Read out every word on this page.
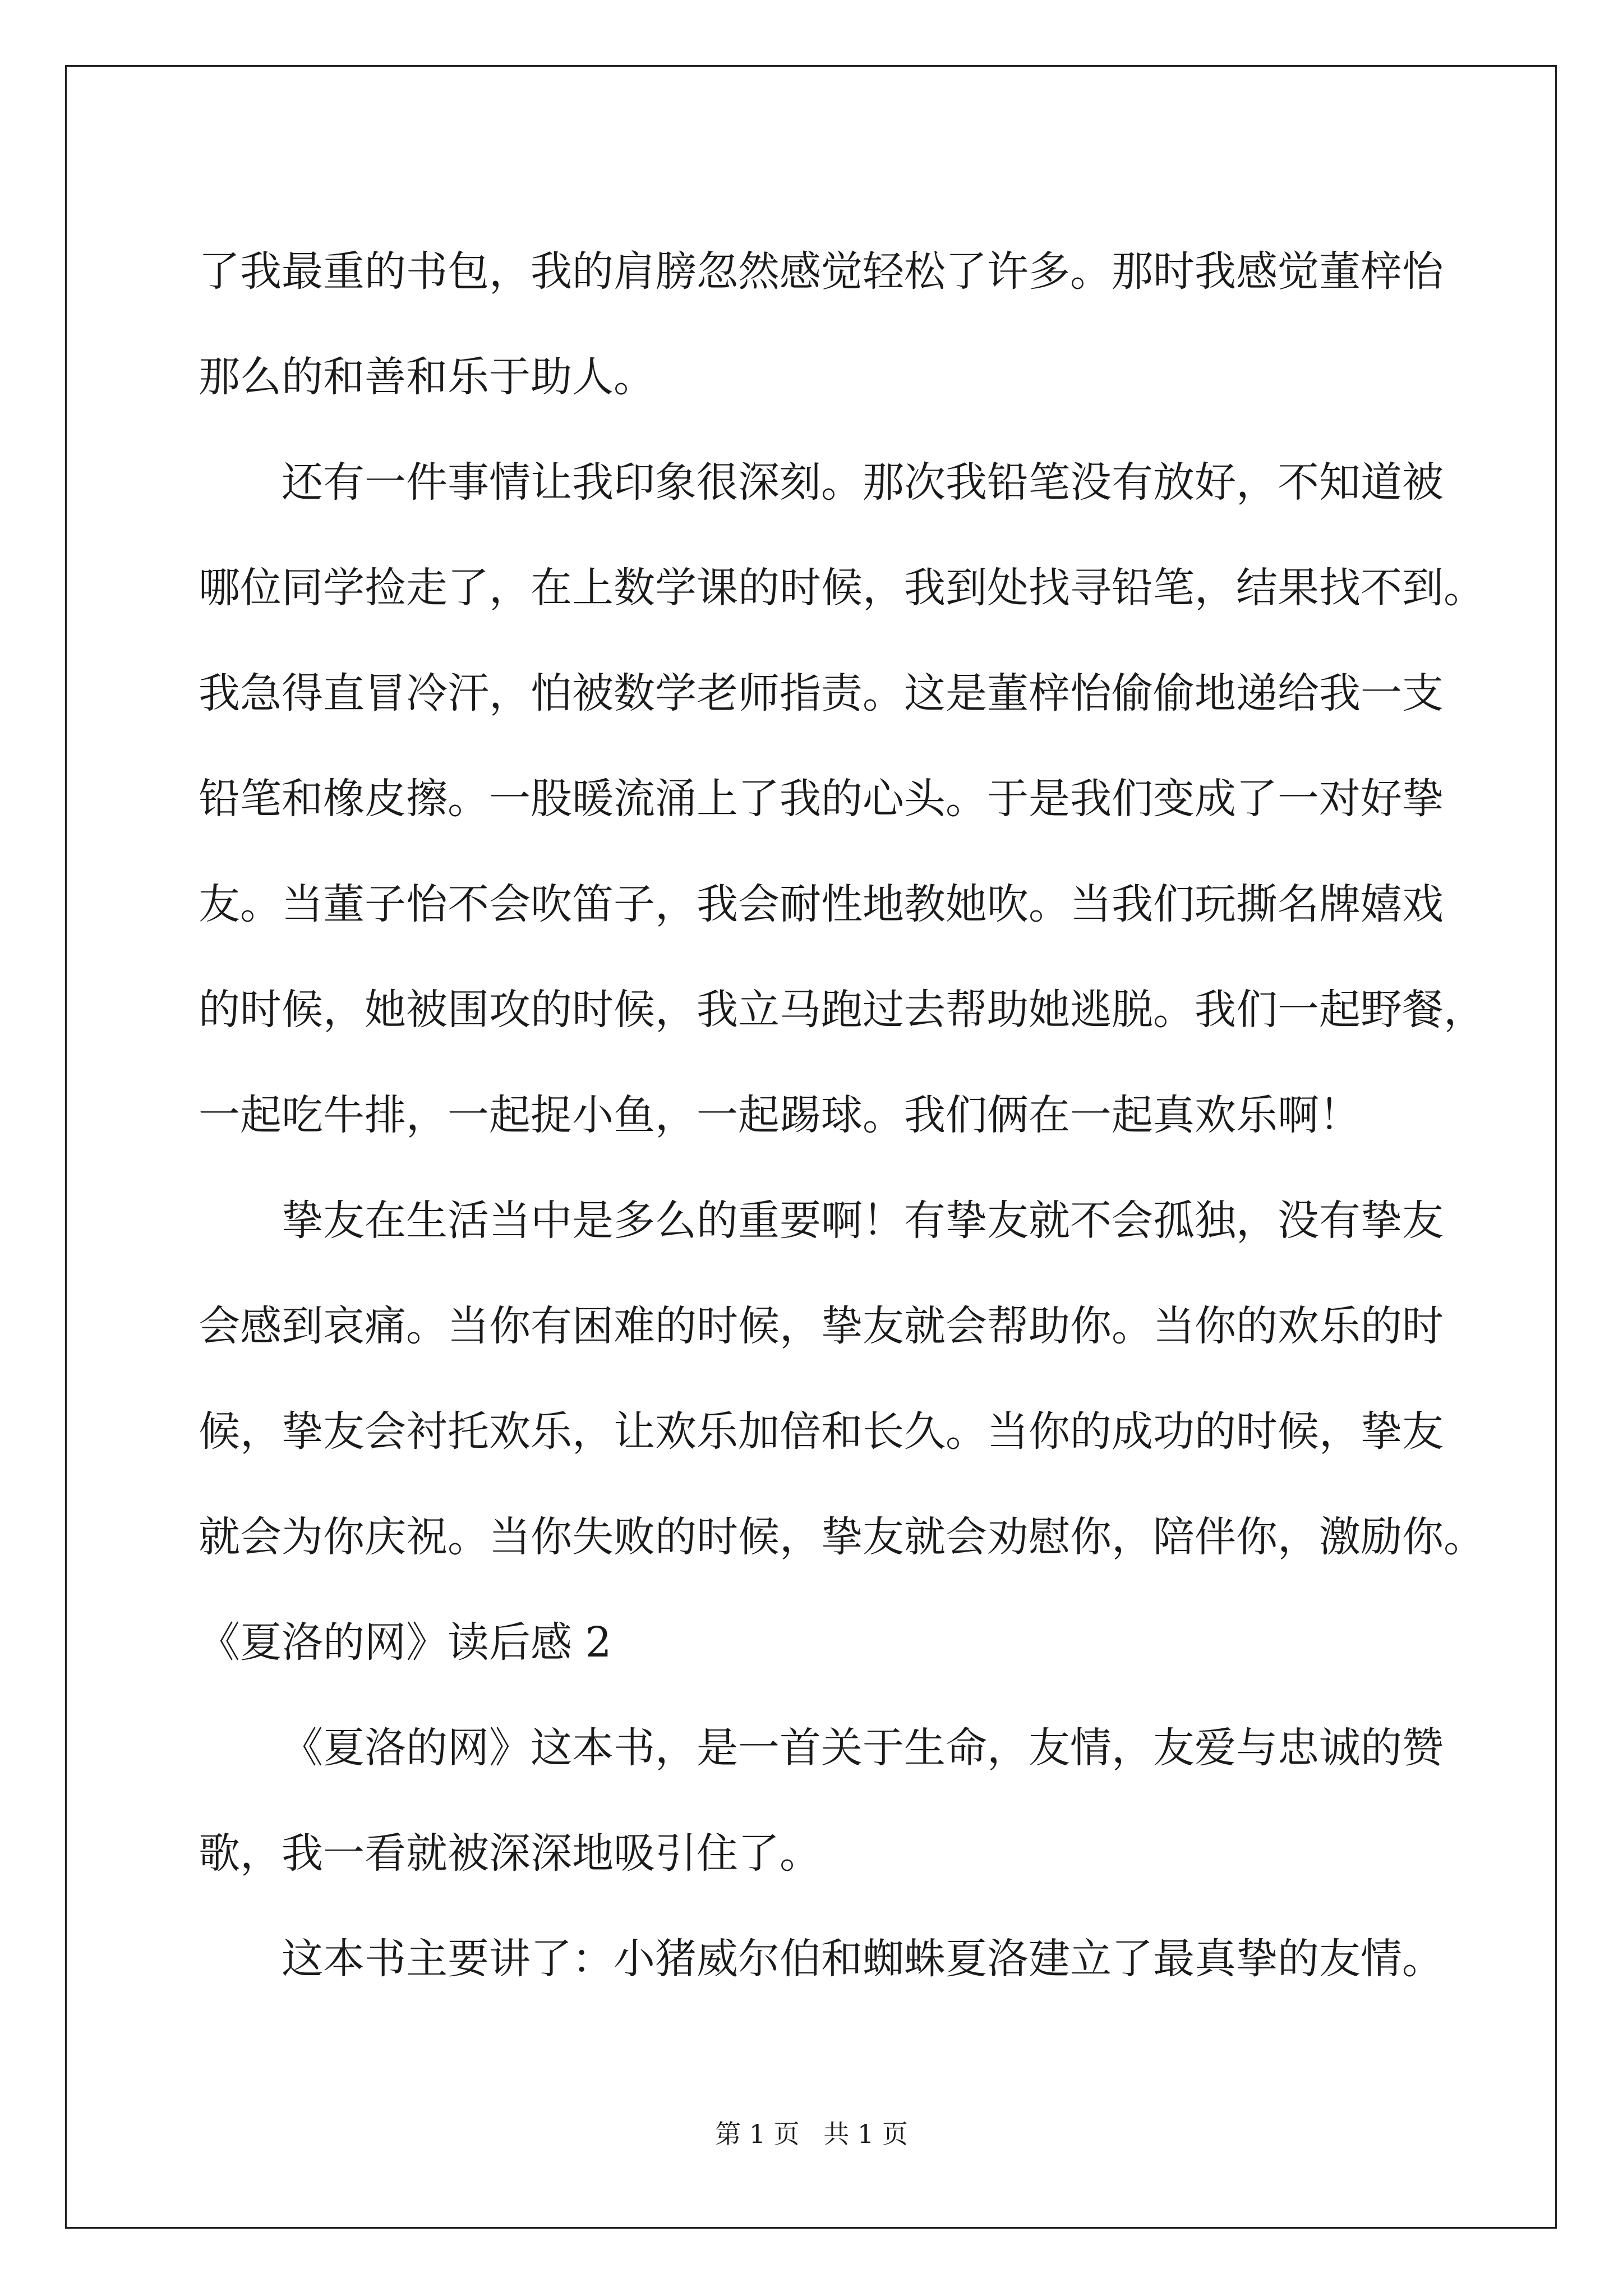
了我最重的书包，我的肩膀忽然感觉轻松了许多。那时我感觉董梓怡
那么的和善和乐于助人。
还有一件事情让我印象很深刻。那次我铅笔没有放好，不知道被
哪位同学捡走了，在上数学课的时候，我到处找寻铅笔，结果找不到。
我急得直冒冷汗，怕被数学老师指责。这是董梓怡偷偷地递给我一支
铅笔和橡皮擦。一股暖流涌上了我的心头。于是我们变成了一对好挚
友。当董子怡不会吹笛子，我会耐性地教她吹。当我们玩撕名牌嬉戏
的时候，她被围攻的时候，我立马跑过去帮助她逃脱。我们一起野餐，
一起吃牛排，一起捉小鱼，一起踢球。我们俩在一起真欢乐啊！
挚友在生活当中是多么的重要啊！有挚友就不会孤独，没有挚友
会感到哀痛。当你有困难的时候，挚友就会帮助你。当你的欢乐的时
候，挚友会衬托欢乐，让欢乐加倍和长久。当你的成功的时候，挚友
就会为你庆祝。当你失败的时候，挚友就会劝慰你，陪伴你，激励你。
《夏洛的网》读后感 2
《夏洛的网》这本书，是一首关于生命，友情，友爱与忠诚的赞
歌，我一看就被深深地吸引住了。
这本书主要讲了：小猪威尔伯和蜘蛛夏洛建立了最真挚的友情。
第 1 页 共 1 页
